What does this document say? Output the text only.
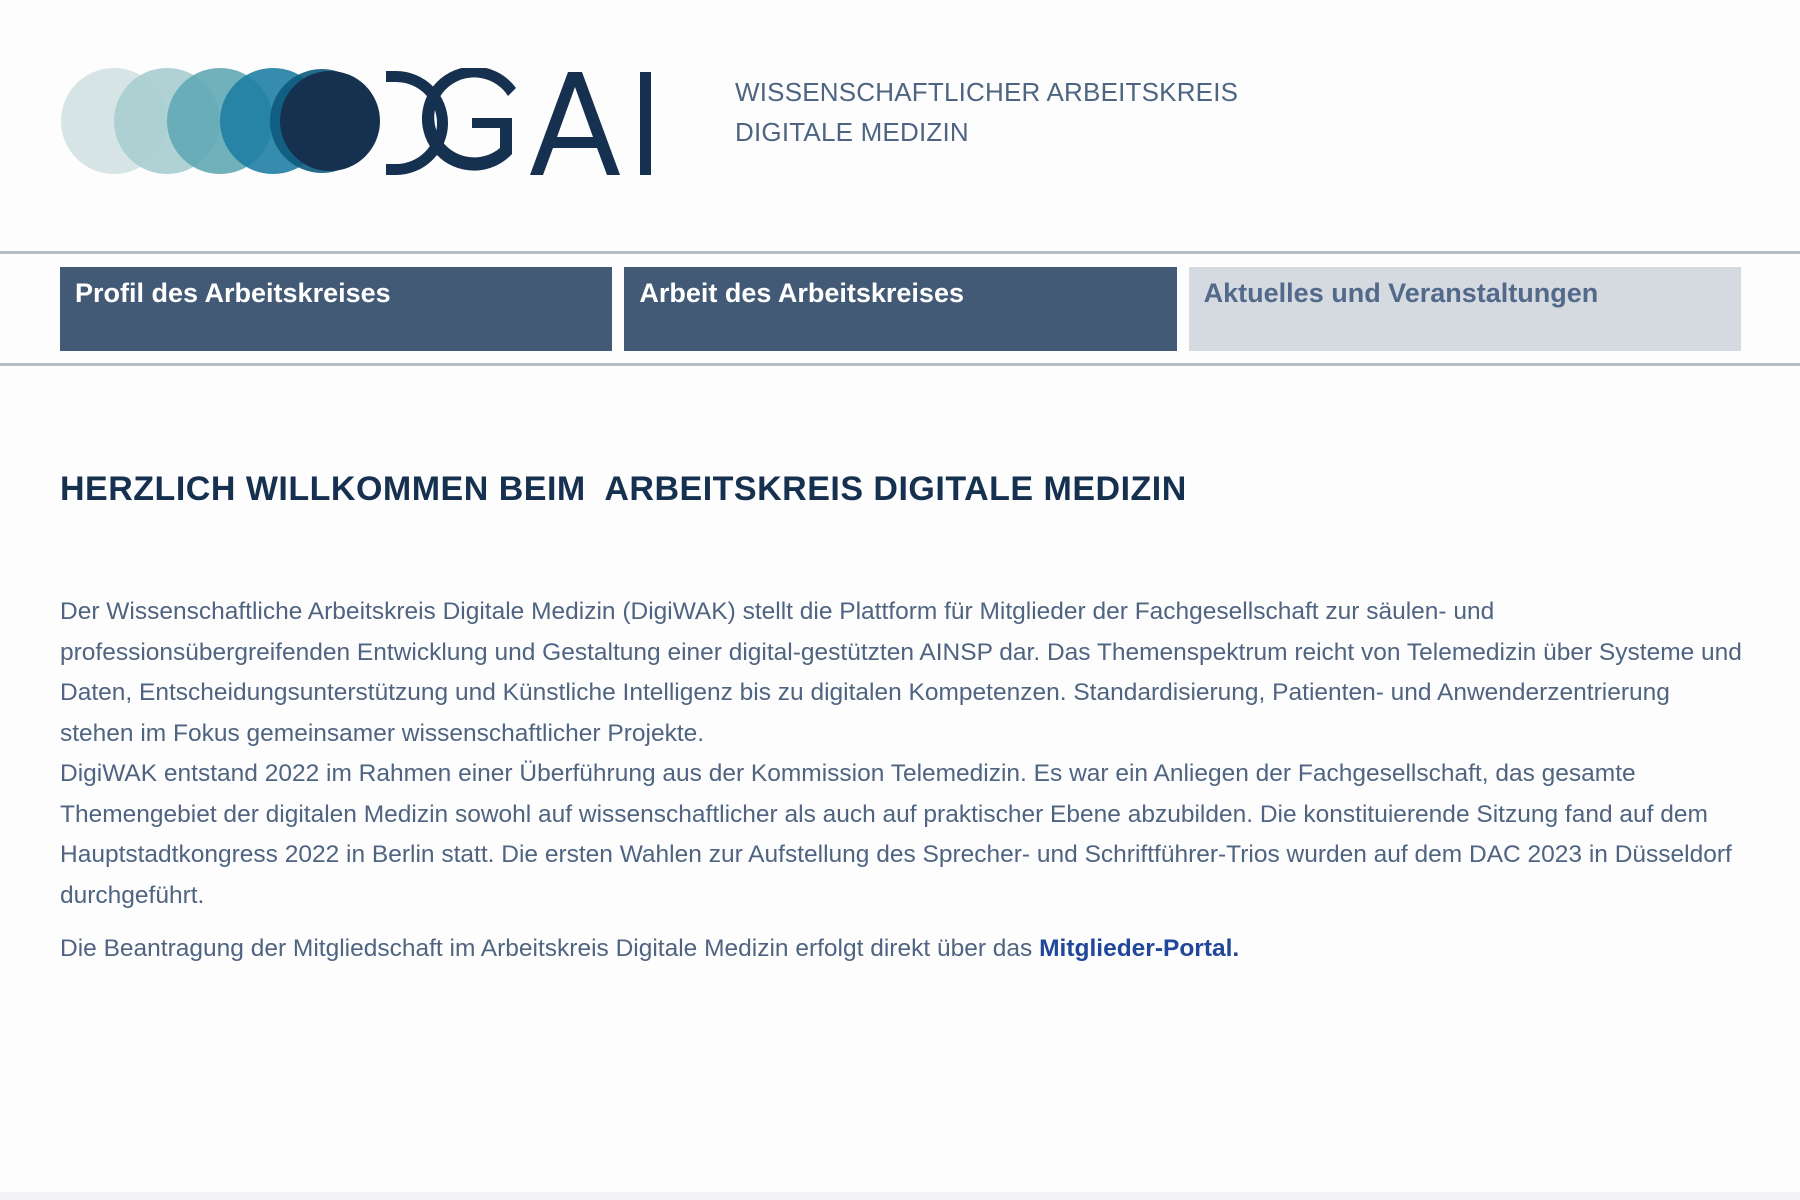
WISSENSCHAFTLICHER ARBEITSKREIS
DIGITALE MEDIZIN
Profil des Arbeitskreises	Arbeit des Arbeitskreises	Aktuelles und Veranstaltungen
HERZLICH WILLKOMMEN BEIM  ARBEITSKREIS DIGITALE MEDIZIN

Der Wissenschaftliche Arbeitskreis Digitale Medizin (DigiWAK) stellt die Plattform für Mitglieder der Fachgesellschaft zur säulen- und professionsübergreifenden Entwicklung und Gestaltung einer digital-gestützten AINSP dar. Das Themenspektrum reicht von Telemedizin über Systeme und Daten, Entscheidungsunterstützung und Künstliche Intelligenz bis zu digitalen Kompetenzen. Standardisierung, Patienten- und Anwenderzentrierung stehen im Fokus gemeinsamer wissenschaftlicher Projekte.

DigiWAK entstand 2022 im Rahmen einer Überführung aus der Kommission Telemedizin. Es war ein Anliegen der Fachgesellschaft, das gesamte Themengebiet der digitalen Medizin sowohl auf wissenschaftlicher als auch auf praktischer Ebene abzubilden. Die konstituierende Sitzung fand auf dem Hauptstadtkongress 2022 in Berlin statt. Die ersten Wahlen zur Aufstellung des Sprecher- und Schriftführer-Trios wurden auf dem DAC 2023 in Düsseldorf durchgeführt.

Die Beantragung der Mitgliedschaft im Arbeitskreis Digitale Medizin erfolgt direkt über das Mitglieder-Portal.
